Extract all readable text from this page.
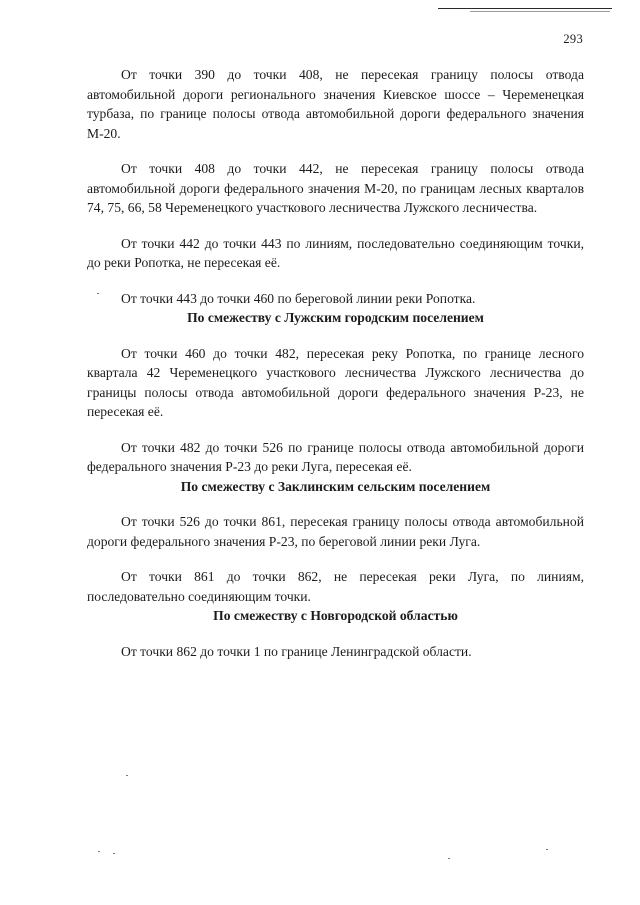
293

От точки 390 до точки 408, не пересекая границу полосы отвода автомобильной дороги регионального значения Киевское шоссе – Череменецкая турбаза, по границе полосы отвода автомобильной дороги федерального значения М-20.

От точки 408 до точки 442, не пересекая границу полосы отвода автомобильной дороги федерального значения М-20, по границам лесных кварталов 74, 75, 66, 58 Череменецкого участкового лесничества Лужского лесничества.

От точки 442 до точки 443 по линиям, последовательно соединяющим точки, до реки Ропотка, не пересекая её.

От точки 443 до точки 460 по береговой линии реки Ропотка.

По смежеству с Лужским городским поселением

От точки 460 до точки 482, пересекая реку Ропотка, по границе лесного квартала 42 Череменецкого участкового лесничества Лужского лесничества до границы полосы отвода автомобильной дороги федерального значения Р-23, не пересекая её.

От точки 482 до точки 526 по границе полосы отвода автомобильной дороги федерального значения Р-23 до реки Луга, пересекая её.

По смежеству с Заклинским сельским поселением

От точки 526 до точки 861, пересекая границу полосы отвода автомобильной дороги федерального значения Р-23, по береговой линии реки Луга.

От точки 861 до точки 862, не пересекая реки Луга, по линиям, последовательно соединяющим точки.

По смежеству с Новгородской областью

От точки 862 до точки 1 по границе Ленинградской области.
